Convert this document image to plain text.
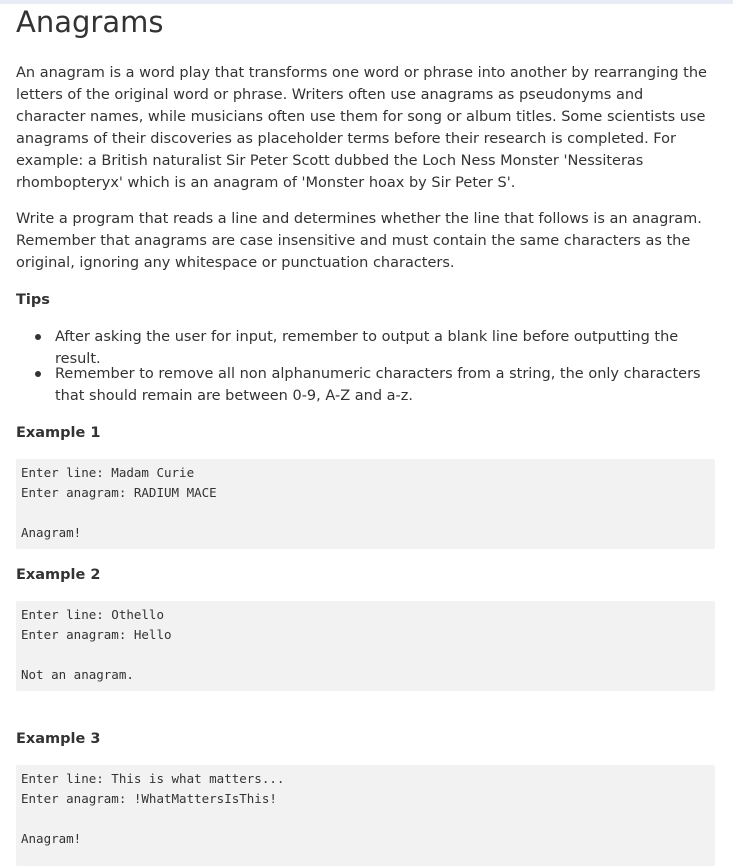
Anagrams

An anagram is a word play that transforms one word or phrase into another by rearranging the letters of the original word or phrase. Writers often use anagrams as pseudonyms and character names, while musicians often use them for song or album titles. Some scientists use anagrams of their discoveries as placeholder terms before their research is completed. For example: a British naturalist Sir Peter Scott dubbed the Loch Ness Monster 'Nessiteras rhombopteryx' which is an anagram of 'Monster hoax by Sir Peter S'.

Write a program that reads a line and determines whether the line that follows is an anagram. Remember that anagrams are case insensitive and must contain the same characters as the original, ignoring any whitespace or punctuation characters.

Tips

After asking the user for input, remember to output a blank line before outputting the result.

Remember to remove all non alphanumeric characters from a string, the only characters that should remain are between 0-9, A-Z and a-z.

Example 1
Enter line: Madam Curie
Enter anagram: RADIUM MACE
Anagram!
Example 2
Enter line: Othello
Enter anagram: Hello
Not an anagram.
Example 3
Enter line: This is what matters...
Enter anagram: !WhatMattersIsThis!
Anagram!
